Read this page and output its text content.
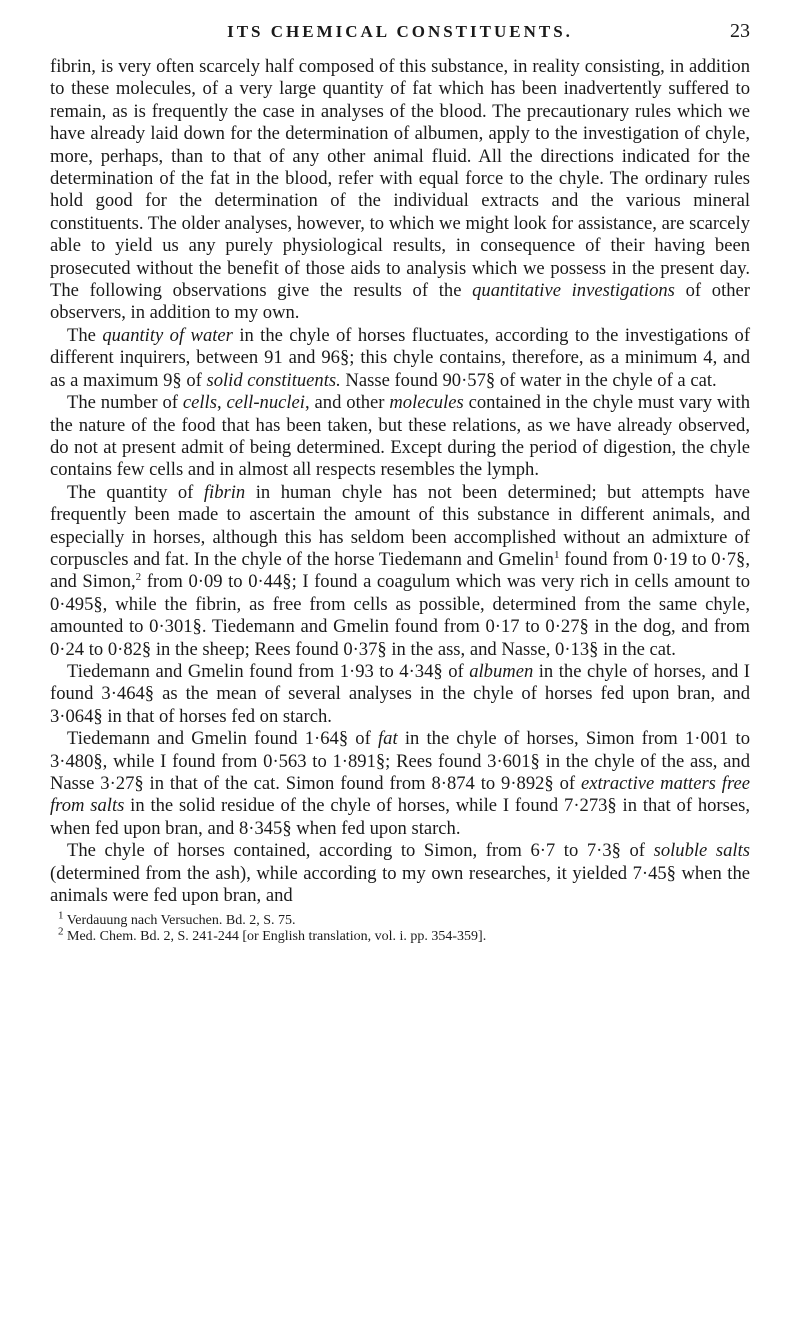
ITS CHEMICAL CONSTITUENTS.	23

fibrin, is very often scarcely half composed of this substance, in reality consisting, in addition to these molecules, of a very large quantity of fat which has been inadvertently suffered to remain, as is frequently the case in analyses of the blood. The precautionary rules which we have already laid down for the determination of albumen, apply to the investigation of chyle, more, perhaps, than to that of any other animal fluid. All the directions indicated for the determination of the fat in the blood, refer with equal force to the chyle. The ordinary rules hold good for the determination of the individual extracts and the various mineral constituents. The older analyses, however, to which we might look for assistance, are scarcely able to yield us any purely physiological results, in consequence of their having been prosecuted without the benefit of those aids to analysis which we possess in the present day. The following observations give the results of the quantitative investigations of other observers, in addition to my own.

The quantity of water in the chyle of horses fluctuates, according to the investigations of different inquirers, between 91 and 96§; this chyle contains, therefore, as a minimum 4, and as a maximum 9§ of solid constituents. Nasse found 90·57§ of water in the chyle of a cat.

The number of cells, cell-nuclei, and other molecules contained in the chyle must vary with the nature of the food that has been taken, but these relations, as we have already observed, do not at present admit of being determined. Except during the period of digestion, the chyle contains few cells and in almost all respects resembles the lymph.

The quantity of fibrin in human chyle has not been determined; but attempts have frequently been made to ascertain the amount of this substance in different animals, and especially in horses, although this has seldom been accomplished without an admixture of corpuscles and fat. In the chyle of the horse Tiedemann and Gmelin$^1$ found from 0·19 to 0·7§, and Simon,$^2$ from 0·09 to 0·44§; I found a coagulum which was very rich in cells amount to 0·495§, while the fibrin, as free from cells as possible, determined from the same chyle, amounted to 0·301§. Tiedemann and Gmelin found from 0·17 to 0·27§ in the dog, and from 0·24 to 0·82§ in the sheep; Rees found 0·37§ in the ass, and Nasse, 0·13§ in the cat.

Tiedemann and Gmelin found from 1·93 to 4·34§ of albumen in the chyle of horses, and I found 3·464§ as the mean of several analyses in the chyle of horses fed upon bran, and 3·064§ in that of horses fed on starch.

Tiedemann and Gmelin found 1·64§ of fat in the chyle of horses, Simon from 1·001 to 3·480§, while I found from 0·563 to 1·891§; Rees found 3·601§ in the chyle of the ass, and Nasse 3·27§ in that of the cat. Simon found from 8·874 to 9·892§ of extractive matters free from salts in the solid residue of the chyle of horses, while I found 7·273§ in that of horses, when fed upon bran, and 8·345§ when fed upon starch.

The chyle of horses contained, according to Simon, from 6·7 to 7·3§ of soluble salts (determined from the ash), while according to my own researches, it yielded 7·45§ when the animals were fed upon bran, and

$^1$ Verdauung nach Versuchen. Bd. 2, S. 75.

$^2$ Med. Chem. Bd. 2, S. 241-244 [or English translation, vol. i. pp. 354-359].
